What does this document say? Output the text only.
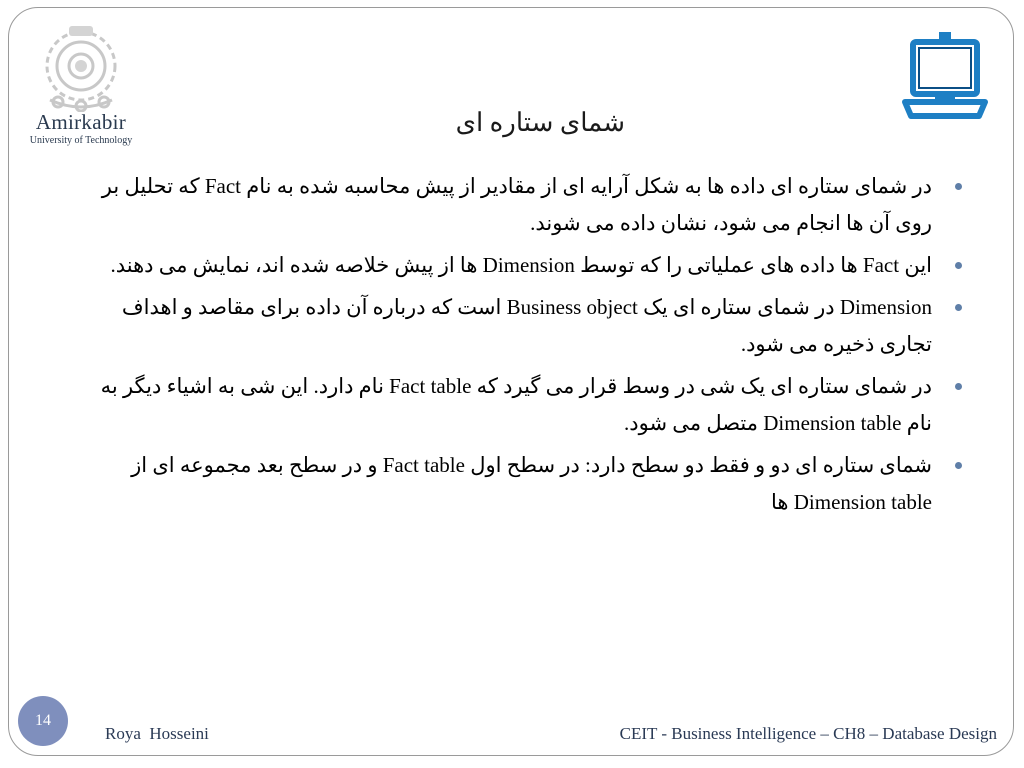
Amirkabir
University of Technology
شمای ستاره ای
در شمای ستاره ای داده ها به شکل آرایه ای از مقادیر از پیش محاسبه شده به نام Fact که تحلیل بر روی آن ها انجام می شود، نشان داده می شوند.
این Fact ها داده های عملیاتی را که توسط Dimension ها از پیش خلاصه شده اند، نمایش می دهند.
Dimension در شمای ستاره ای یک Business object است که درباره آن داده برای مقاصد و اهداف تجاری ذخیره می شود.
در شمای ستاره ای یک شی در وسط قرار می گیرد که Fact table نام دارد. این شی به اشیاء دیگر به نام Dimension table متصل می شود.
شمای ستاره ای دو و فقط دو سطح دارد: در سطح اول Fact table و در سطح بعد مجموعه ای از Dimension table ها
14
Roya  Hosseini	CEIT - Business Intelligence – CH8 – Database Design
